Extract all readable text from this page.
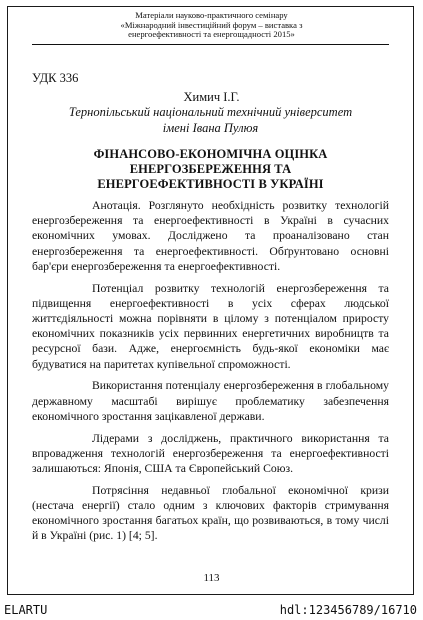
Матеріали науково-практичного семінару
«Міжнародний інвестиційний форум – виставка з
енергоефективності та енергощадності 2015»
УДК 336
Химич І.Г.
Тернопільський національний технічний університет
імені Івана Пулюя
ФІНАНСОВО-ЕКОНОМІЧНА ОЦІНКА
ЕНЕРГОЗБЕРЕЖЕННЯ ТА
ЕНЕРГОЕФЕКТИВНОСТІ В УКРАЇНІ

Анотація. Розглянуто необхідність розвитку технологій енергозбереження та енергоефективності в Україні в сучасних економічних умовах. Досліджено та проаналізовано стан енергозбереження та енергоефективності. Обґрунтовано основні бар'єри енергозбереження та енергоефективності.

Потенціал розвитку технологій енергозбереження та підвищення енергоефективності в усіх сферах людської життєдіяльності можна порівняти в цілому з потенціалом приросту економічних показників усіх первинних енергетичних виробництв та ресурсної бази. Адже, енергоємність будь-якої економіки має будуватися на паритетах купівельної спроможності.

Використання потенціалу енергозбереження в глобальному державному масштабі вирішує проблематику забезпечення економічного зростання зацікавленої держави.

Лідерами з досліджень, практичного використання та впровадження технологій енергозбереження та енергоефективності залишаються: Японія, США та Європейський Союз.

Потрясіння недавньої глобальної економічної кризи (нестача енергії) стало одним з ключових факторів стримування економічного зростання багатьох країн, що розвиваються, в тому числі й в Україні (рис. 1) [4; 5].

113
ELARTU	hdl:123456789/16710
